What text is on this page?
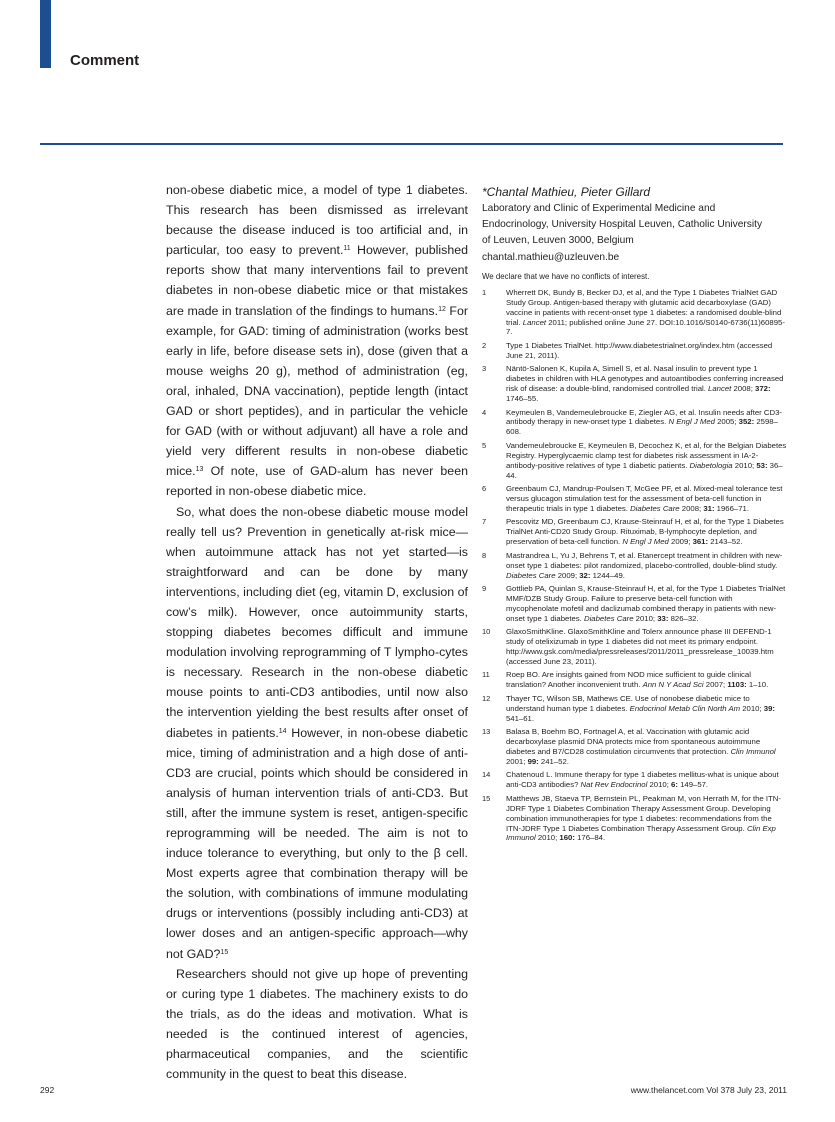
Comment

non-obese diabetic mice, a model of type 1 diabetes. This research has been dismissed as irrelevant because the disease induced is too artificial and, in particular, too easy to prevent.$^{11}$ However, published reports show that many interventions fail to prevent diabetes in non-obese diabetic mice or that mistakes are made in translation of the findings to humans.$^{12}$ For example, for GAD: timing of administration (works best early in life, before disease sets in), dose (given that a mouse weighs 20 g), method of administration (eg, oral, inhaled, DNA vaccination), peptide length (intact GAD or short peptides), and in particular the vehicle for GAD (with or without adjuvant) all have a role and yield very different results in non-obese diabetic mice.$^{13}$ Of note, use of GAD-alum has never been reported in non-obese diabetic mice.

So, what does the non-obese diabetic mouse model really tell us? Prevention in genetically at-risk mice—when autoimmune attack has not yet started—is straightforward and can be done by many interventions, including diet (eg, vitamin D, exclusion of cow’s milk). However, once autoimmunity starts, stopping diabetes becomes difficult and immune modulation involving reprogramming of T lympho-cytes is necessary. Research in the non-obese diabetic mouse points to anti-CD3 antibodies, until now also the intervention yielding the best results after onset of diabetes in patients.$^{14}$ However, in non-obese diabetic mice, timing of administration and a high dose of anti-CD3 are crucial, points which should be considered in analysis of human intervention trials of anti-CD3. But still, after the immune system is reset, antigen-specific reprogramming will be needed. The aim is not to induce tolerance to everything, but only to the β cell. Most experts agree that combination therapy will be the solution, with combinations of immune modulating drugs or interventions (possibly including anti-CD3) at lower doses and an antigen-specific approach—why not GAD?$^{15}$

Researchers should not give up hope of preventing or curing type 1 diabetes. The machinery exists to do the trials, as do the ideas and motivation. What is needed is the continued interest of agencies, pharmaceutical companies, and the scientific community in the quest to beat this disease.

*Chantal Mathieu, Pieter Gillard
Laboratory and Clinic of Experimental Medicine and
Endocrinology, University Hospital Leuven, Catholic University
of Leuven, Leuven 3000, Belgium
chantal.mathieu@uzleuven.be
We declare that we have no conflicts of interest.
1	Wherrett DK, Bundy B, Becker DJ, et al, and the Type 1 Diabetes TrialNet GAD Study Group. Antigen-based therapy with glutamic acid decarboxylase (GAD) vaccine in patients with recent-onset type 1 diabetes: a randomised double-blind trial. Lancet 2011; published online June 27. DOI:10.1016/S0140-6736(11)60895-7.
2	Type 1 Diabetes TrialNet. http://www.diabetestrialnet.org/index.htm (accessed June 21, 2011).
3	Näntö-Salonen K, Kupila A, Simell S, et al. Nasal insulin to prevent type 1 diabetes in children with HLA genotypes and autoantibodies conferring increased risk of disease: a double-blind, randomised controlled trial. Lancet 2008; 372: 1746–55.
4	Keymeulen B, Vandemeulebroucke E, Ziegler AG, et al. Insulin needs after CD3-antibody therapy in new-onset type 1 diabetes. N Engl J Med 2005; 352: 2598–608.
5	Vandemeulebroucke E, Keymeulen B, Decochez K, et al, for the Belgian Diabetes Registry. Hyperglycaemic clamp test for diabetes risk assessment in IA-2-antibody-positive relatives of type 1 diabetic patients. Diabetologia 2010; 53: 36–44.
6	Greenbaum CJ, Mandrup-Poulsen T, McGee PF, et al. Mixed-meal tolerance test versus glucagon stimulation test for the assessment of beta-cell function in therapeutic trials in type 1 diabetes. Diabetes Care 2008; 31: 1966–71.
7	Pescovitz MD, Greenbaum CJ, Krause-Steinrauf H, et al, for the Type 1 Diabetes TrialNet Anti-CD20 Study Group. Rituximab, B-lymphocyte depletion, and preservation of beta-cell function. N Engl J Med 2009; 361: 2143–52.
8	Mastrandrea L, Yu J, Behrens T, et al. Etanercept treatment in children with new-onset type 1 diabetes: pilot randomized, placebo-controlled, double-blind study. Diabetes Care 2009; 32: 1244–49.
9	Gottlieb PA, Quinlan S, Krause-Steinrauf H, et al, for the Type 1 Diabetes TrialNet MMF/DZB Study Group. Failure to preserve beta-cell function with mycophenolate mofetil and daclizumab combined therapy in patients with new-onset type 1 diabetes. Diabetes Care 2010; 33: 826–32.
10	GlaxoSmithKline. GlaxoSmithKline and Tolerx announce phase III DEFEND-1 study of otelixizumab in type 1 diabetes did not meet its primary endpoint. http://www.gsk.com/media/pressreleases/2011/2011_pressrelease_10039.htm (accessed June 23, 2011).
11	Roep BO. Are insights gained from NOD mice sufficient to guide clinical translation? Another inconvenient truth. Ann N Y Acad Sci 2007; 1103: 1–10.
12	Thayer TC, Wilson SB, Mathews CE. Use of nonobese diabetic mice to understand human type 1 diabetes. Endocrinol Metab Clin North Am 2010; 39: 541–61.
13	Balasa B, Boehm BO, Fortnagel A, et al. Vaccination with glutamic acid decarboxylase plasmid DNA protects mice from spontaneous autoimmune diabetes and B7/CD28 costimulation circumvents that protection. Clin Immunol 2001; 99: 241–52.
14	Chatenoud L. Immune therapy for type 1 diabetes mellitus-what is unique about anti-CD3 antibodies? Nat Rev Endocrinol 2010; 6: 149–57.
15	Matthews JB, Staeva TP, Bernstein PL, Peakman M, von Herrath M, for the ITN-JDRF Type 1 Diabetes Combination Therapy Assessment Group. Developing combination immunotherapies for type 1 diabetes: recommendations from the ITN-JDRF Type 1 Diabetes Combination Therapy Assessment Group. Clin Exp Immunol 2010; 160: 176–84.
292	www.thelancet.com Vol 378 July 23, 2011
